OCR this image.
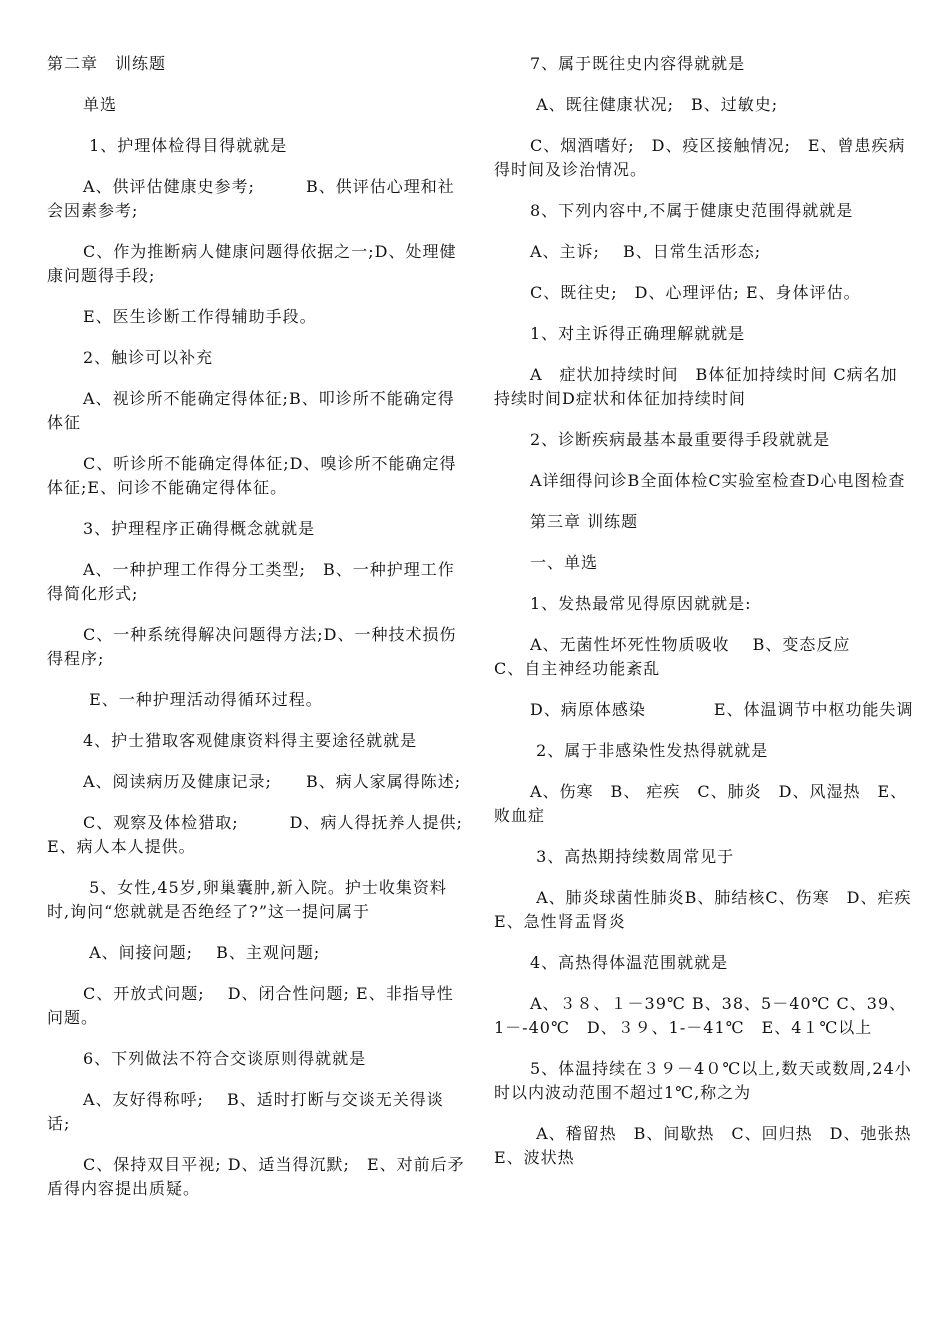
第二章　训练题

单选

1、护理体检得目得就就是

A、供评估健康史参考;　　　B、供评估心理和社会因素参考;

C、作为推断病人健康问题得依据之一;D、处理健康问题得手段;

E、医生诊断工作得辅助手段。

2、触诊可以补充

A、视诊所不能确定得体征;B、叩诊所不能确定得体征

C、听诊所不能确定得体征;D、嗅诊所不能确定得体征;E、问诊不能确定得体征。

3、护理程序正确得概念就就是

A、一种护理工作得分工类型;　B、一种护理工作得简化形式;

C、一种系统得解决问题得方法;D、一种技术损伤得程序;

E、一种护理活动得循环过程。

4、护士猎取客观健康资料得主要途径就就是

A、阅读病历及健康记录;　　B、病人家属得陈述;

C、观察及体检猎取;　　　D、病人得抚养人提供; E、病人本人提供。

5、女性,45岁,卵巢囊肿,新入院。护士收集资料时,询问“您就就是否绝经了?”这一提问属于

A、间接问题;　 B、主观问题;

C、开放式问题;　 D、闭合性问题; E、非指导性问题。

6、下列做法不符合交谈原则得就就是

A、友好得称呼;　 B、适时打断与交谈无关得谈话;

C、保持双目平视; D、适当得沉默;　E、对前后矛盾得内容提出质疑。

7、属于既往史内容得就就是

A、既往健康状况;　B、过敏史;

C、烟酒嗜好;　D、疫区接触情况;　E、曾患疾病得时间及诊治情况。

8、下列内容中,不属于健康史范围得就就是

A、主诉;　 B、日常生活形态;

C、既往史;　D、心理评估; E、身体评估。

1、对主诉得正确理解就就是

A　症状加持续时间　B体征加持续时间 C病名加持续时间D症状和体征加持续时间

2、诊断疾病最基本最重要得手段就就是

A详细得问诊B全面体检C实验室检查D心电图检查

第三章 训练题

一、单选

1、发热最常见得原因就就是:

A、无菌性坏死性物质吸收　 B、变态反应　　C、自主神经功能紊乱

D、病原体感染　　　　E、体温调节中枢功能失调

2、属于非感染性发热得就就是

A、伤寒　B、 疟疾　C、肺炎　D、风湿热　E、败血症

3、高热期持续数周常见于

A、肺炎球菌性肺炎B、肺结核C、伤寒　D、疟疾　E、急性肾盂肾炎

4、高热得体温范围就就是

A、３８、１－39℃ B、38、5－40℃ C、39、1－-40℃　D、３９、1-－41℃　E、4１℃以上

5、体温持续在３９－4０℃以上,数天或数周,24小时以内波动范围不超过1℃,称之为

A、稽留热　B、间歇热　C、回归热　D、弛张热　　E、波状热
